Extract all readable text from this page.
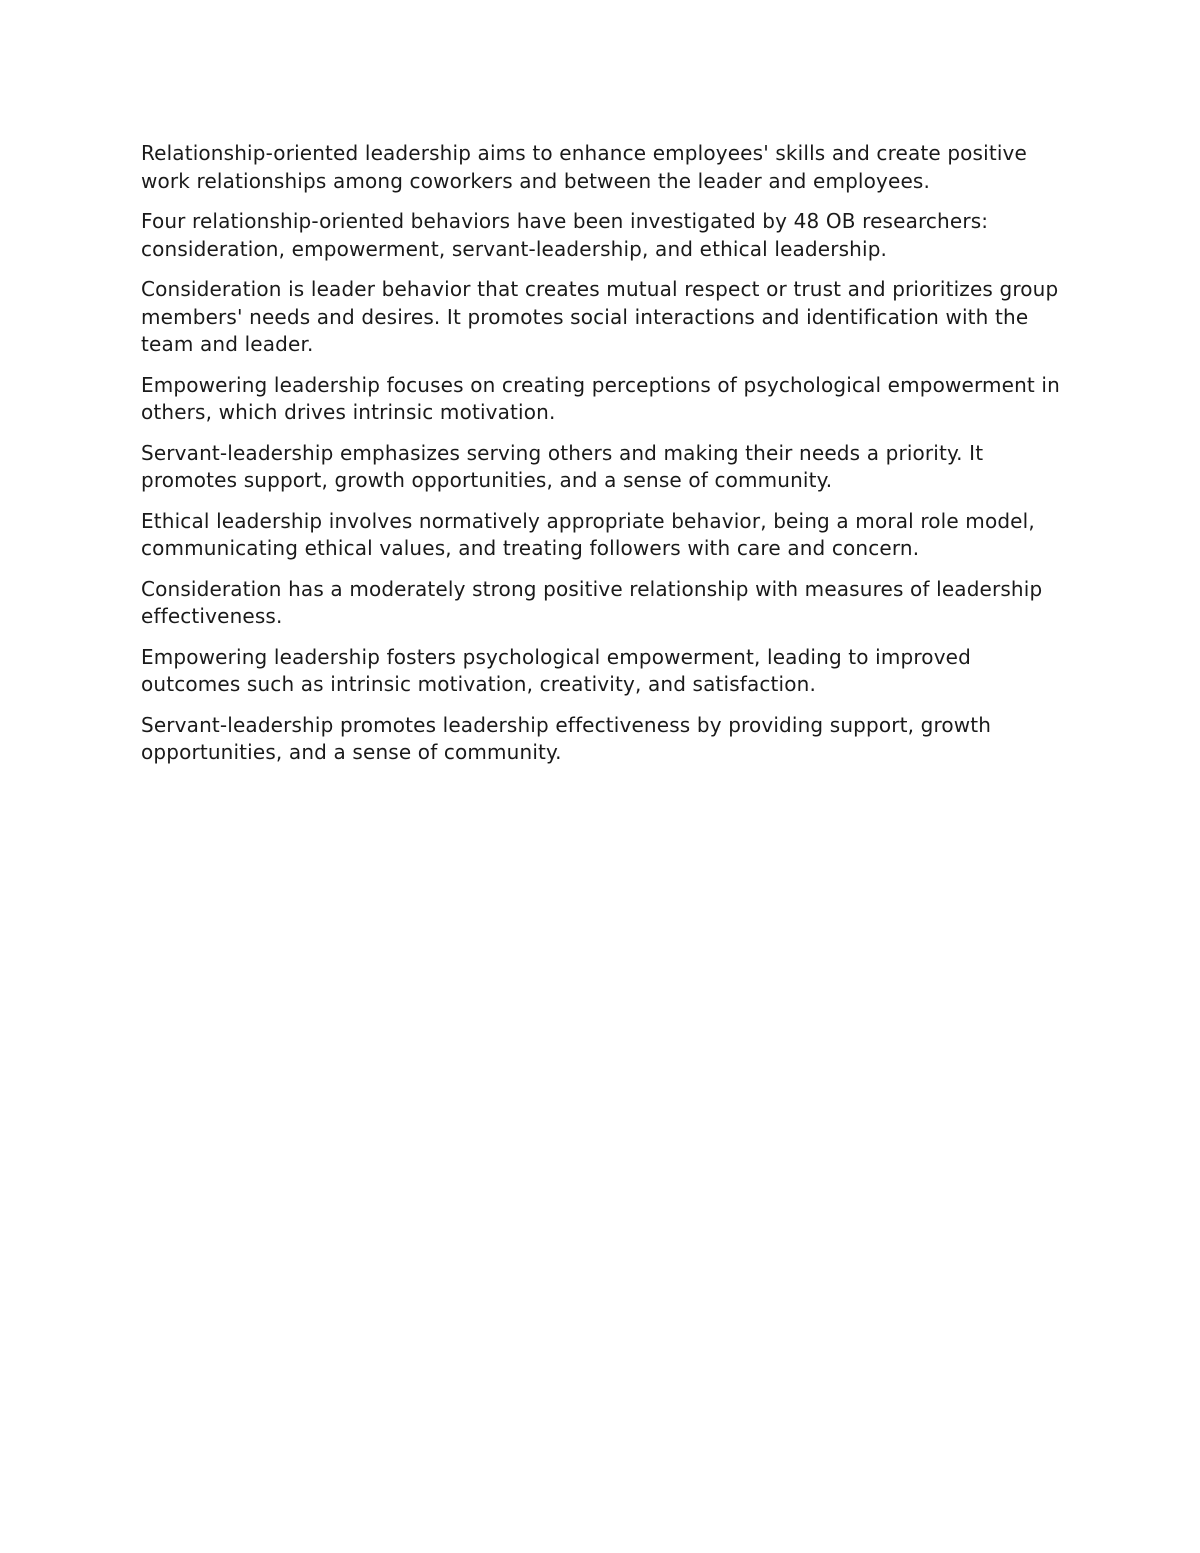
Relationship-oriented leadership aims to enhance employees' skills and create positive work relationships among coworkers and between the leader and employees.

Four relationship-oriented behaviors have been investigated by 48 OB researchers: consideration, empowerment, servant-leadership, and ethical leadership.

Consideration is leader behavior that creates mutual respect or trust and prioritizes group members' needs and desires. It promotes social interactions and identification with the team and leader.

Empowering leadership focuses on creating perceptions of psychological empowerment in others, which drives intrinsic motivation.

Servant-leadership emphasizes serving others and making their needs a priority. It promotes support, growth opportunities, and a sense of community.

Ethical leadership involves normatively appropriate behavior, being a moral role model, communicating ethical values, and treating followers with care and concern.

Consideration has a moderately strong positive relationship with measures of leadership effectiveness.

Empowering leadership fosters psychological empowerment, leading to improved outcomes such as intrinsic motivation, creativity, and satisfaction.

Servant-leadership promotes leadership effectiveness by providing support, growth opportunities, and a sense of community.
